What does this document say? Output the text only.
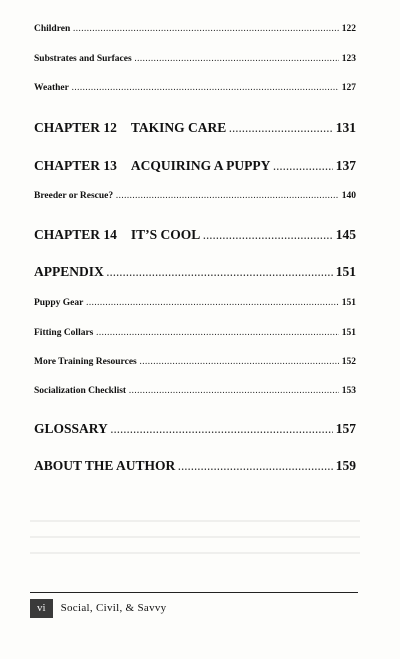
Children .....	122
Substrates and Surfaces .....	123
Weather .....	127
CHAPTER 12 TAKING CARE .....	131
CHAPTER 13 ACQUIRING A PUPPY .....	137
Breeder or Rescue? .....	140
CHAPTER 14 IT’S COOL .....	145
APPENDIX .....	151
Puppy Gear .....	151
Fitting Collars .....	151
More Training Resources .....	152
Socialization Checklist .....	153
GLOSSARY .....	157
ABOUT THE AUTHOR .....	159
vi	Social, Civil, & Savvy
